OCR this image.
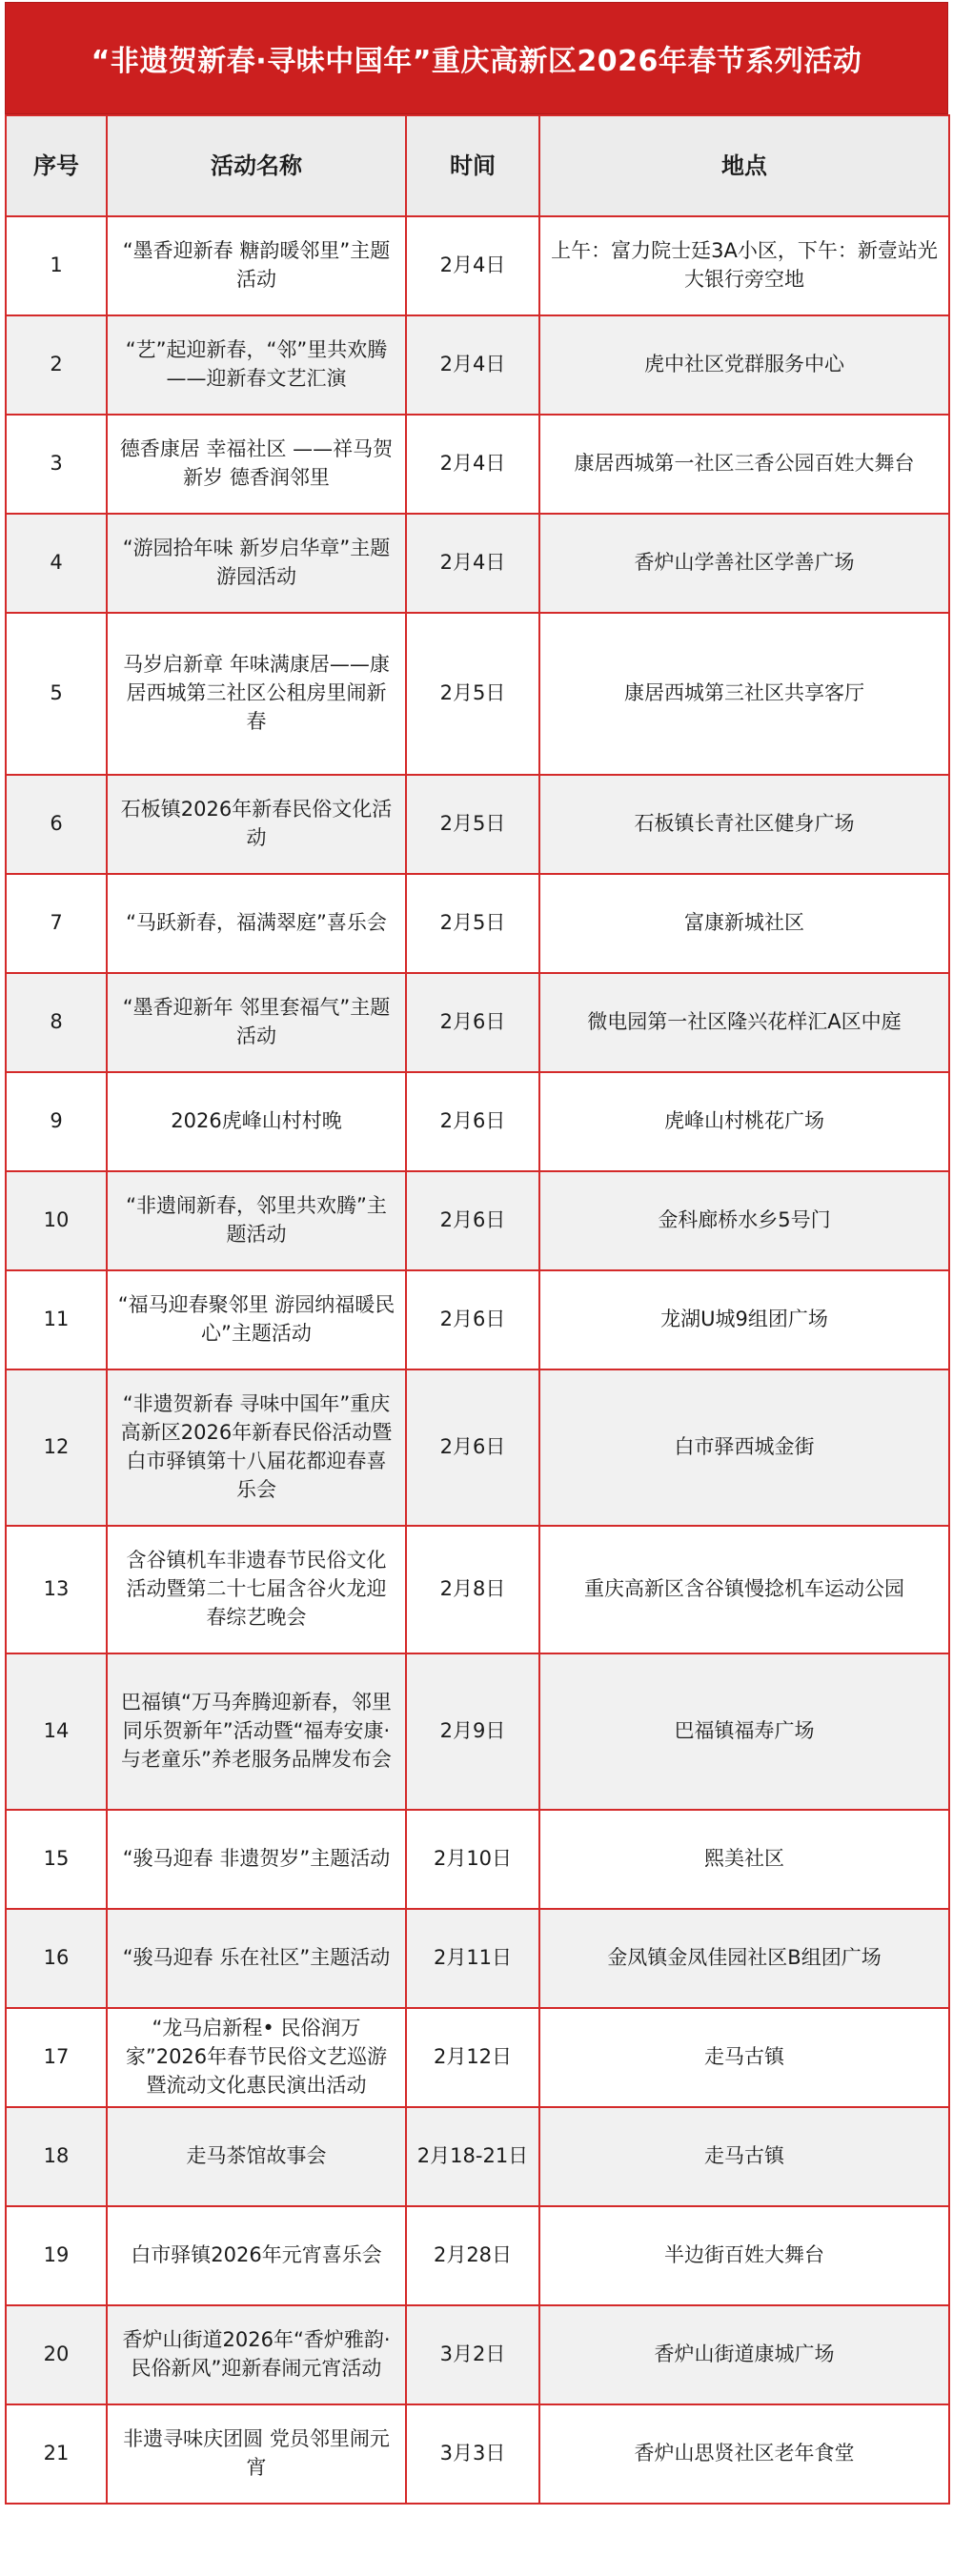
“非遗贺新春·寻味中国年”重庆高新区2026年春节系列活动
序号	活动名称	时间	地点
1	“墨香迎新春 糖韵暖邻里”主题活动	2月4日	上午：富力院士廷3A小区，下午：新壹站光大银行旁空地
2	“艺”起迎新春，“邻”里共欢腾——迎新春文艺汇演	2月4日	虎中社区党群服务中心
3	德香康居 幸福社区 ——祥马贺新岁 德香润邻里	2月4日	康居西城第一社区三香公园百姓大舞台
4	“游园拾年味 新岁启华章”主题游园活动	2月4日	香炉山学善社区学善广场
5	马岁启新章 年味满康居——康居西城第三社区公租房里闹新春	2月5日	康居西城第三社区共享客厅
6	石板镇2026年新春民俗文化活动	2月5日	石板镇长青社区健身广场
7	“马跃新春，福满翠庭”喜乐会	2月5日	富康新城社区
8	“墨香迎新年 邻里套福气”主题活动	2月6日	微电园第一社区隆兴花样汇A区中庭
9	2026虎峰山村村晚	2月6日	虎峰山村桃花广场
10	“非遗闹新春，邻里共欢腾”主题活动	2月6日	金科廊桥水乡5号门
11	“福马迎春聚邻里 游园纳福暖民心”主题活动	2月6日	龙湖U城9组团广场
12	“非遗贺新春 寻味中国年”重庆高新区2026年新春民俗活动暨白市驿镇第十八届花都迎春喜乐会	2月6日	白市驿西城金街
13	含谷镇机车非遗春节民俗文化活动暨第二十七届含谷火龙迎春综艺晚会	2月8日	重庆高新区含谷镇慢捻机车运动公园
14	巴福镇“万马奔腾迎新春，邻里同乐贺新年”活动暨“福寿安康·与老童乐”养老服务品牌发布会	2月9日	巴福镇福寿广场
15	“骏马迎春 非遗贺岁”主题活动	2月10日	熙美社区
16	“骏马迎春 乐在社区”主题活动	2月11日	金凤镇金凤佳园社区B组团广场
17	“龙马启新程• 民俗润万家”2026年春节民俗文艺巡游暨流动文化惠民演出活动	2月12日	走马古镇
18	走马茶馆故事会	2月18-21日	走马古镇
19	白市驿镇2026年元宵喜乐会	2月28日	半边街百姓大舞台
20	香炉山街道2026年“香炉雅韵·民俗新风”迎新春闹元宵活动	3月2日	香炉山街道康城广场
21	非遗寻味庆团圆 党员邻里闹元宵	3月3日	香炉山思贤社区老年食堂
